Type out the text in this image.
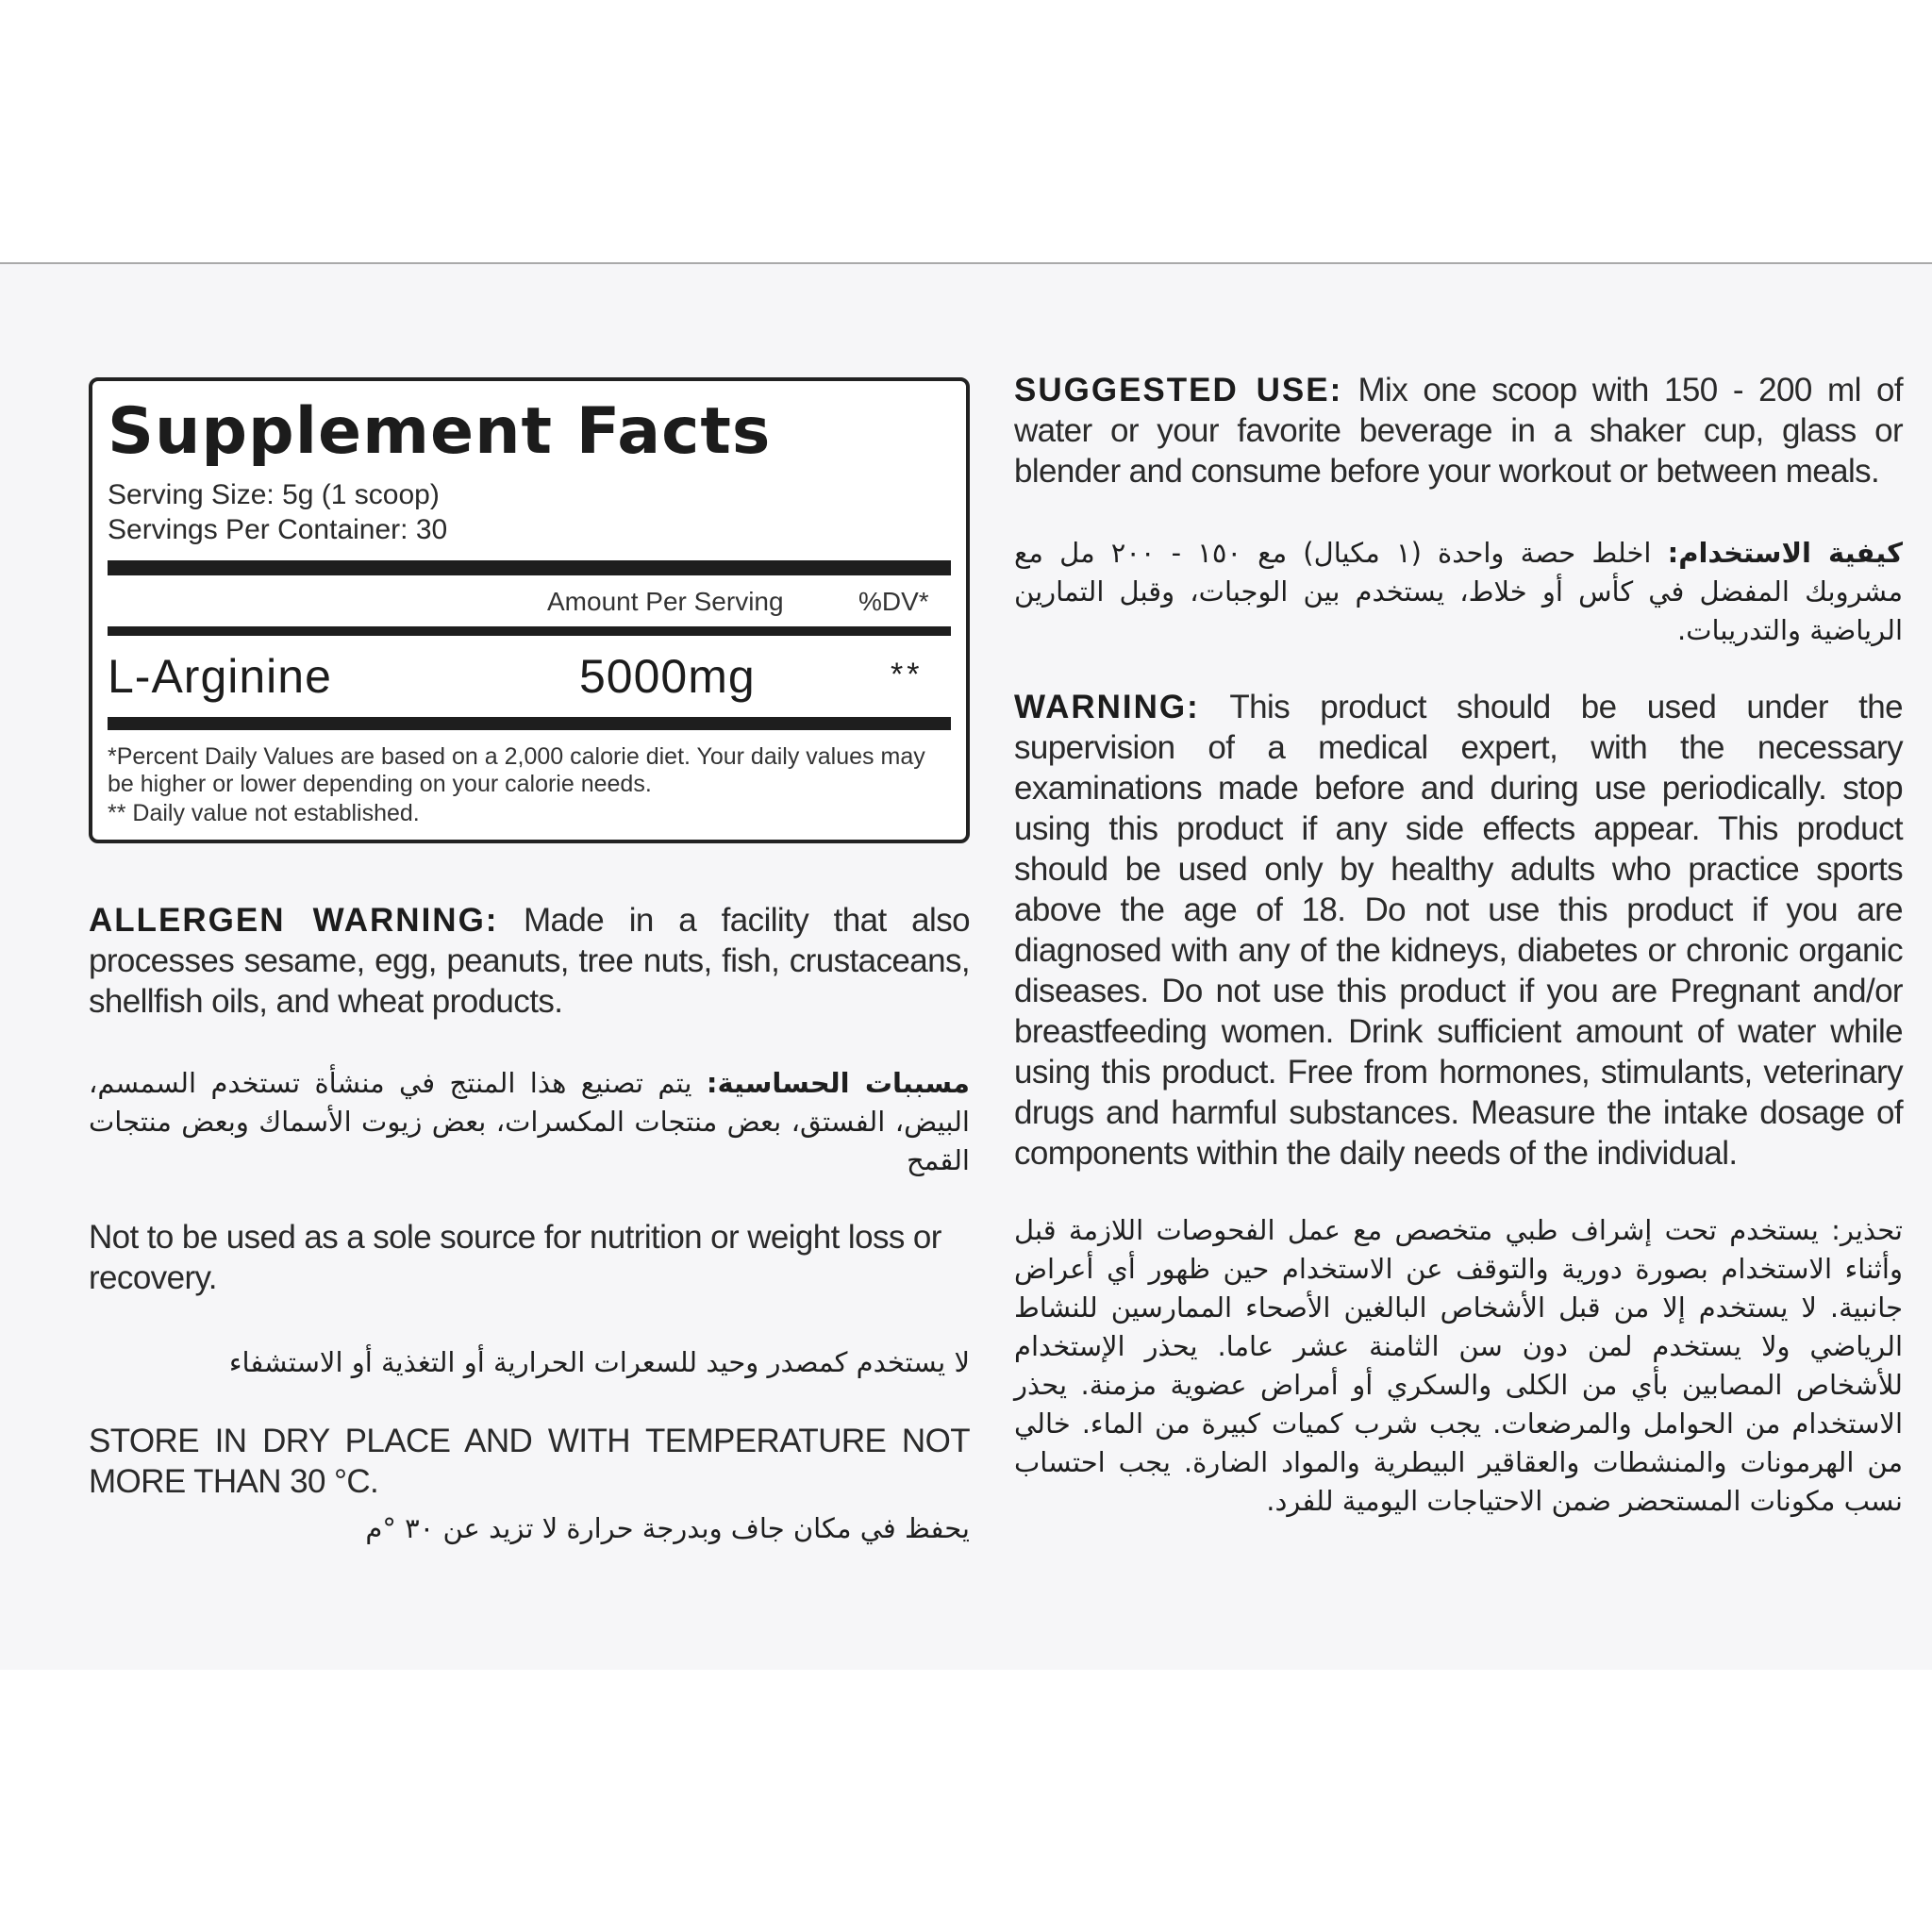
Supplement Facts
Serving Size: 5g (1 scoop)
Servings Per Container: 30
Amount Per Serving	%DV*
L-Arginine	5000mg	**
*Percent Daily Values are based on a 2,000 calorie diet. Your daily values may be higher or lower depending on your calorie needs.
** Daily value not established.
ALLERGEN WARNING: Made in a facility that also processes sesame, egg, peanuts, tree nuts, fish, crustaceans, shellfish oils, and wheat products.
مسببات الحساسية: يتم تصنيع هذا المنتج في منشأة تستخدم السمسم، البيض، الفستق، بعض منتجات المكسرات، بعض زيوت الأسماك وبعض منتجات القمح
Not to be used as a sole source for nutrition or weight loss or recovery.
لا يستخدم كمصدر وحيد للسعرات الحرارية أو التغذية أو الاستشفاء
STORE IN DRY PLACE AND WITH TEMPERATURE NOT MORE THAN 30 °C.
يحفظ في مكان جاف وبدرجة حرارة لا تزيد عن ٣٠ °م
SUGGESTED USE: Mix one scoop with 150 - 200 ml of water or your favorite beverage in a shaker cup, glass or blender and consume before your workout or between meals.
كيفية الاستخدام: اخلط حصة واحدة (١ مكيال) مع ١٥٠ - ٢٠٠ مل مع مشروبك المفضل في كأس أو خلاط، يستخدم بين الوجبات، وقبل التمارين الرياضية والتدريبات.
WARNING: This product should be used under the supervision of a medical expert, with the necessary examinations made before and during use periodically. stop using this product if any side effects appear. This product should be used only by healthy adults who practice sports above the age of 18. Do not use this product if you are diagnosed with any of the kidneys, diabetes or chronic organic diseases. Do not use this product if you are Pregnant and/or breastfeeding women. Drink sufficient amount of water while using this product. Free from hormones, stimulants, veterinary drugs and harmful substances. Measure the intake dosage of components within the daily needs of the individual.
تحذير: يستخدم تحت إشراف طبي متخصص مع عمل الفحوصات اللازمة قبل وأثناء الاستخدام بصورة دورية والتوقف عن الاستخدام حين ظهور أي أعراض جانبية. لا يستخدم إلا من قبل الأشخاص البالغين الأصحاء الممارسين للنشاط الرياضي ولا يستخدم لمن دون سن الثامنة عشر عاما. يحذر الإستخدام للأشخاص المصابين بأي من الكلى والسكري أو أمراض عضوية مزمنة. يحذر الاستخدام من الحوامل والمرضعات. يجب شرب كميات كبيرة من الماء. خالي من الهرمونات والمنشطات والعقاقير البيطرية والمواد الضارة. يجب احتساب نسب مكونات المستحضر ضمن الاحتياجات اليومية للفرد.
